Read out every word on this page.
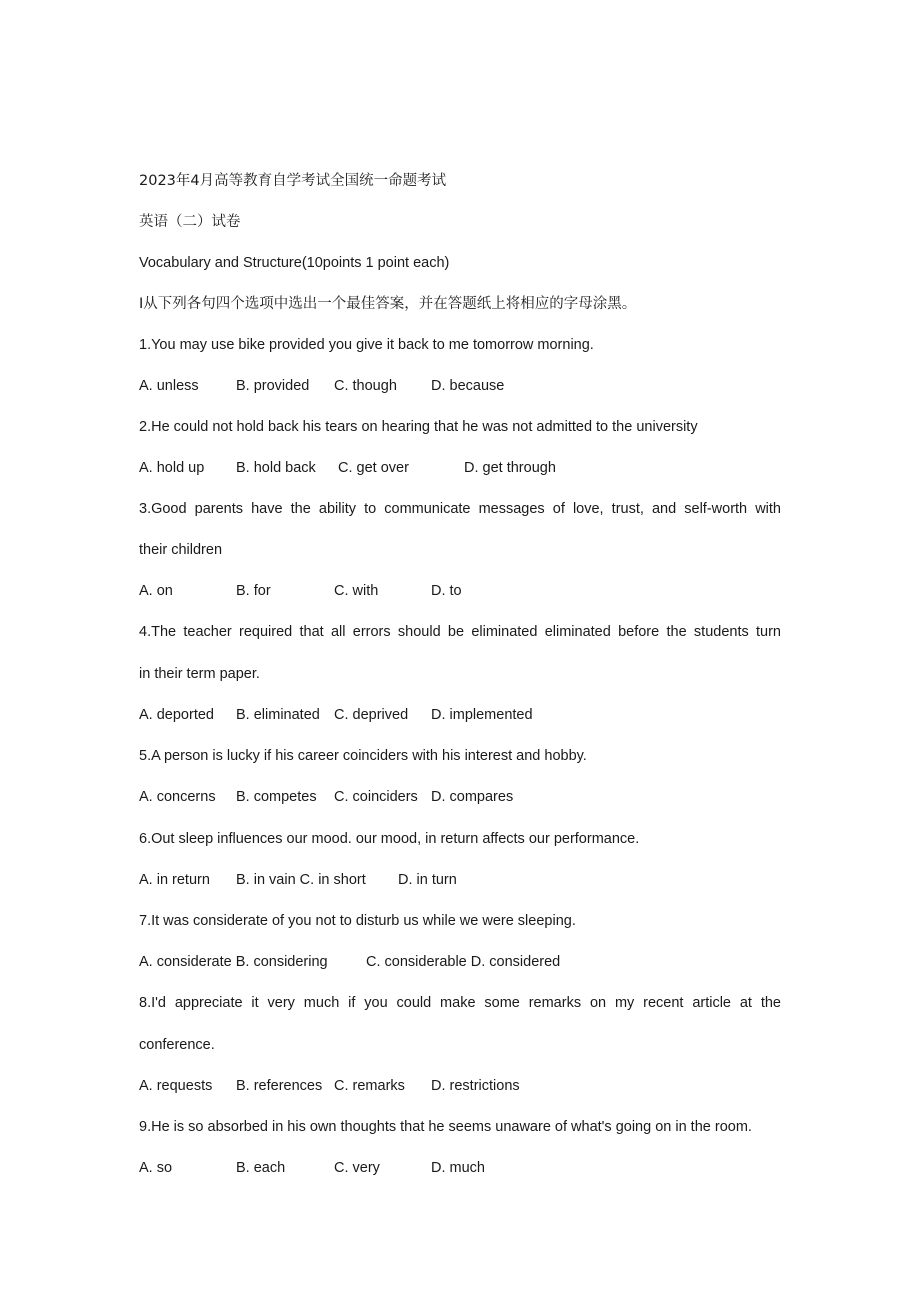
2023年4月高等教育自学考试全国统一命题考试
英语（二）试卷
Vocabulary and Structure(10points 1 point each)
Ⅰ从下列各句四个选项中选出一个最佳答案，并在答题纸上将相应的字母涂黑。
1.You may use bike provided you give it back to me tomorrow morning.
A. unless	B. provided C. though D. because
2.He could not hold back his tears on hearing that he was not admitted to the university
A. hold up B. hold back C. get over	D. get through
3.Good parents have the ability to communicate messages of love, trust, and self-worth with
their children
A. on	B. for	C. with	D. to
4.The teacher required that all errors should be eliminated eliminated before the students turn
in their term paper.
A. deported B. eliminated C. deprived D. implemented
5.A person is lucky if his career coinciders with his interest and hobby.
A. concerns B. competes C. coinciders D. compares
6.Out sleep influences our mood. our mood, in return affects our performance.
A. in return B. in vain C. in short D. in turn
7.It was considerate of you not to disturb us while we were sleeping.
A. considerate B. considering	C. considerable D. considered
8.I'd appreciate it very much if you could make some remarks on my recent article at the
conference.
A. requests B. references C. remarks D. restrictions
9.He is so absorbed in his own thoughts that he seems unaware of what's going on in the room.
A. so	B. each	C. very	D. much
